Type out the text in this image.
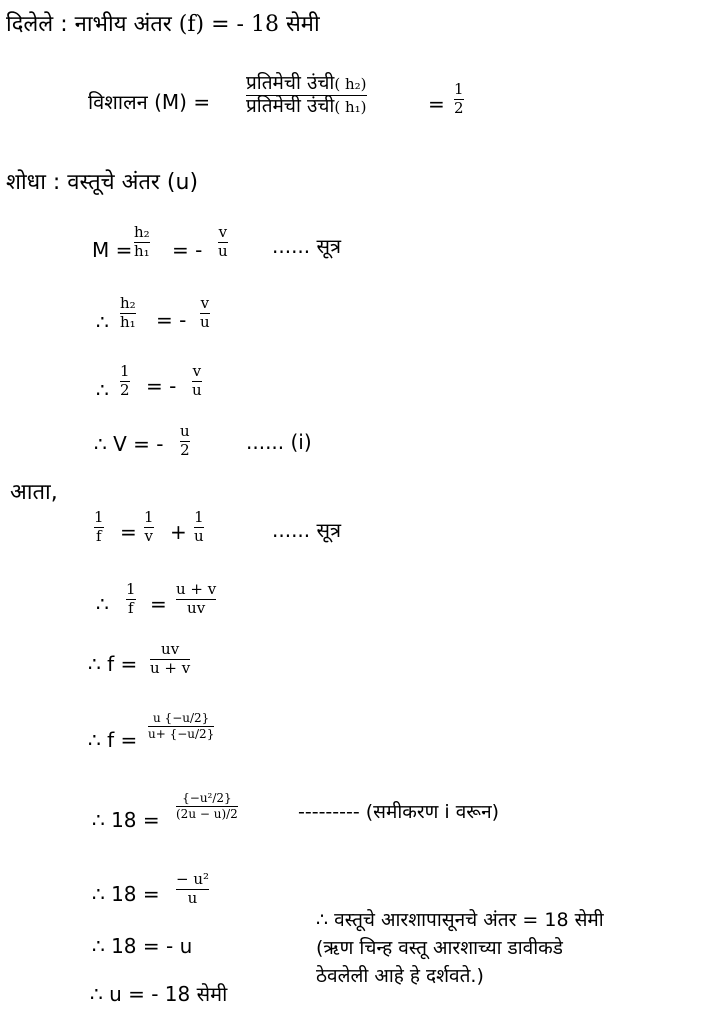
दिलेले : नाभीय अंतर (f) = - 18 सेमी
विशालन (M) =
प्रतिमेची उंची( h₂)
प्रतिमेची उंची( h₁)	=
1
2
शोधा : वस्तूचे अंतर (u)
M =
h₂
h₁ = -
v
u ...... सूत्र
∴
h₂
h₁ = -
v
u
∴
1
2 = -
v
u
∴ V = -
u
2	...... (i)
आता,
1
f =
1
v +
1
u	...... सूत्र
∴
1
f =
u + v
uv
∴ f =
uv
u + v
∴ f =
u {−u/2}
u+ {−u/2}
∴ 18 =
{−u²/2}
(2u − u)/2	--------- (समीकरण i वरून)
∴ 18 =
− u²
u
∴ 18 = - u
∴ u = - 18 सेमी
∴ वस्तूचे आरशापासूनचे अंतर = 18 सेमी
(ऋण चिन्ह वस्तू आरशाच्या डावीकडे
ठेवलेली आहे हे दर्शवते.)
